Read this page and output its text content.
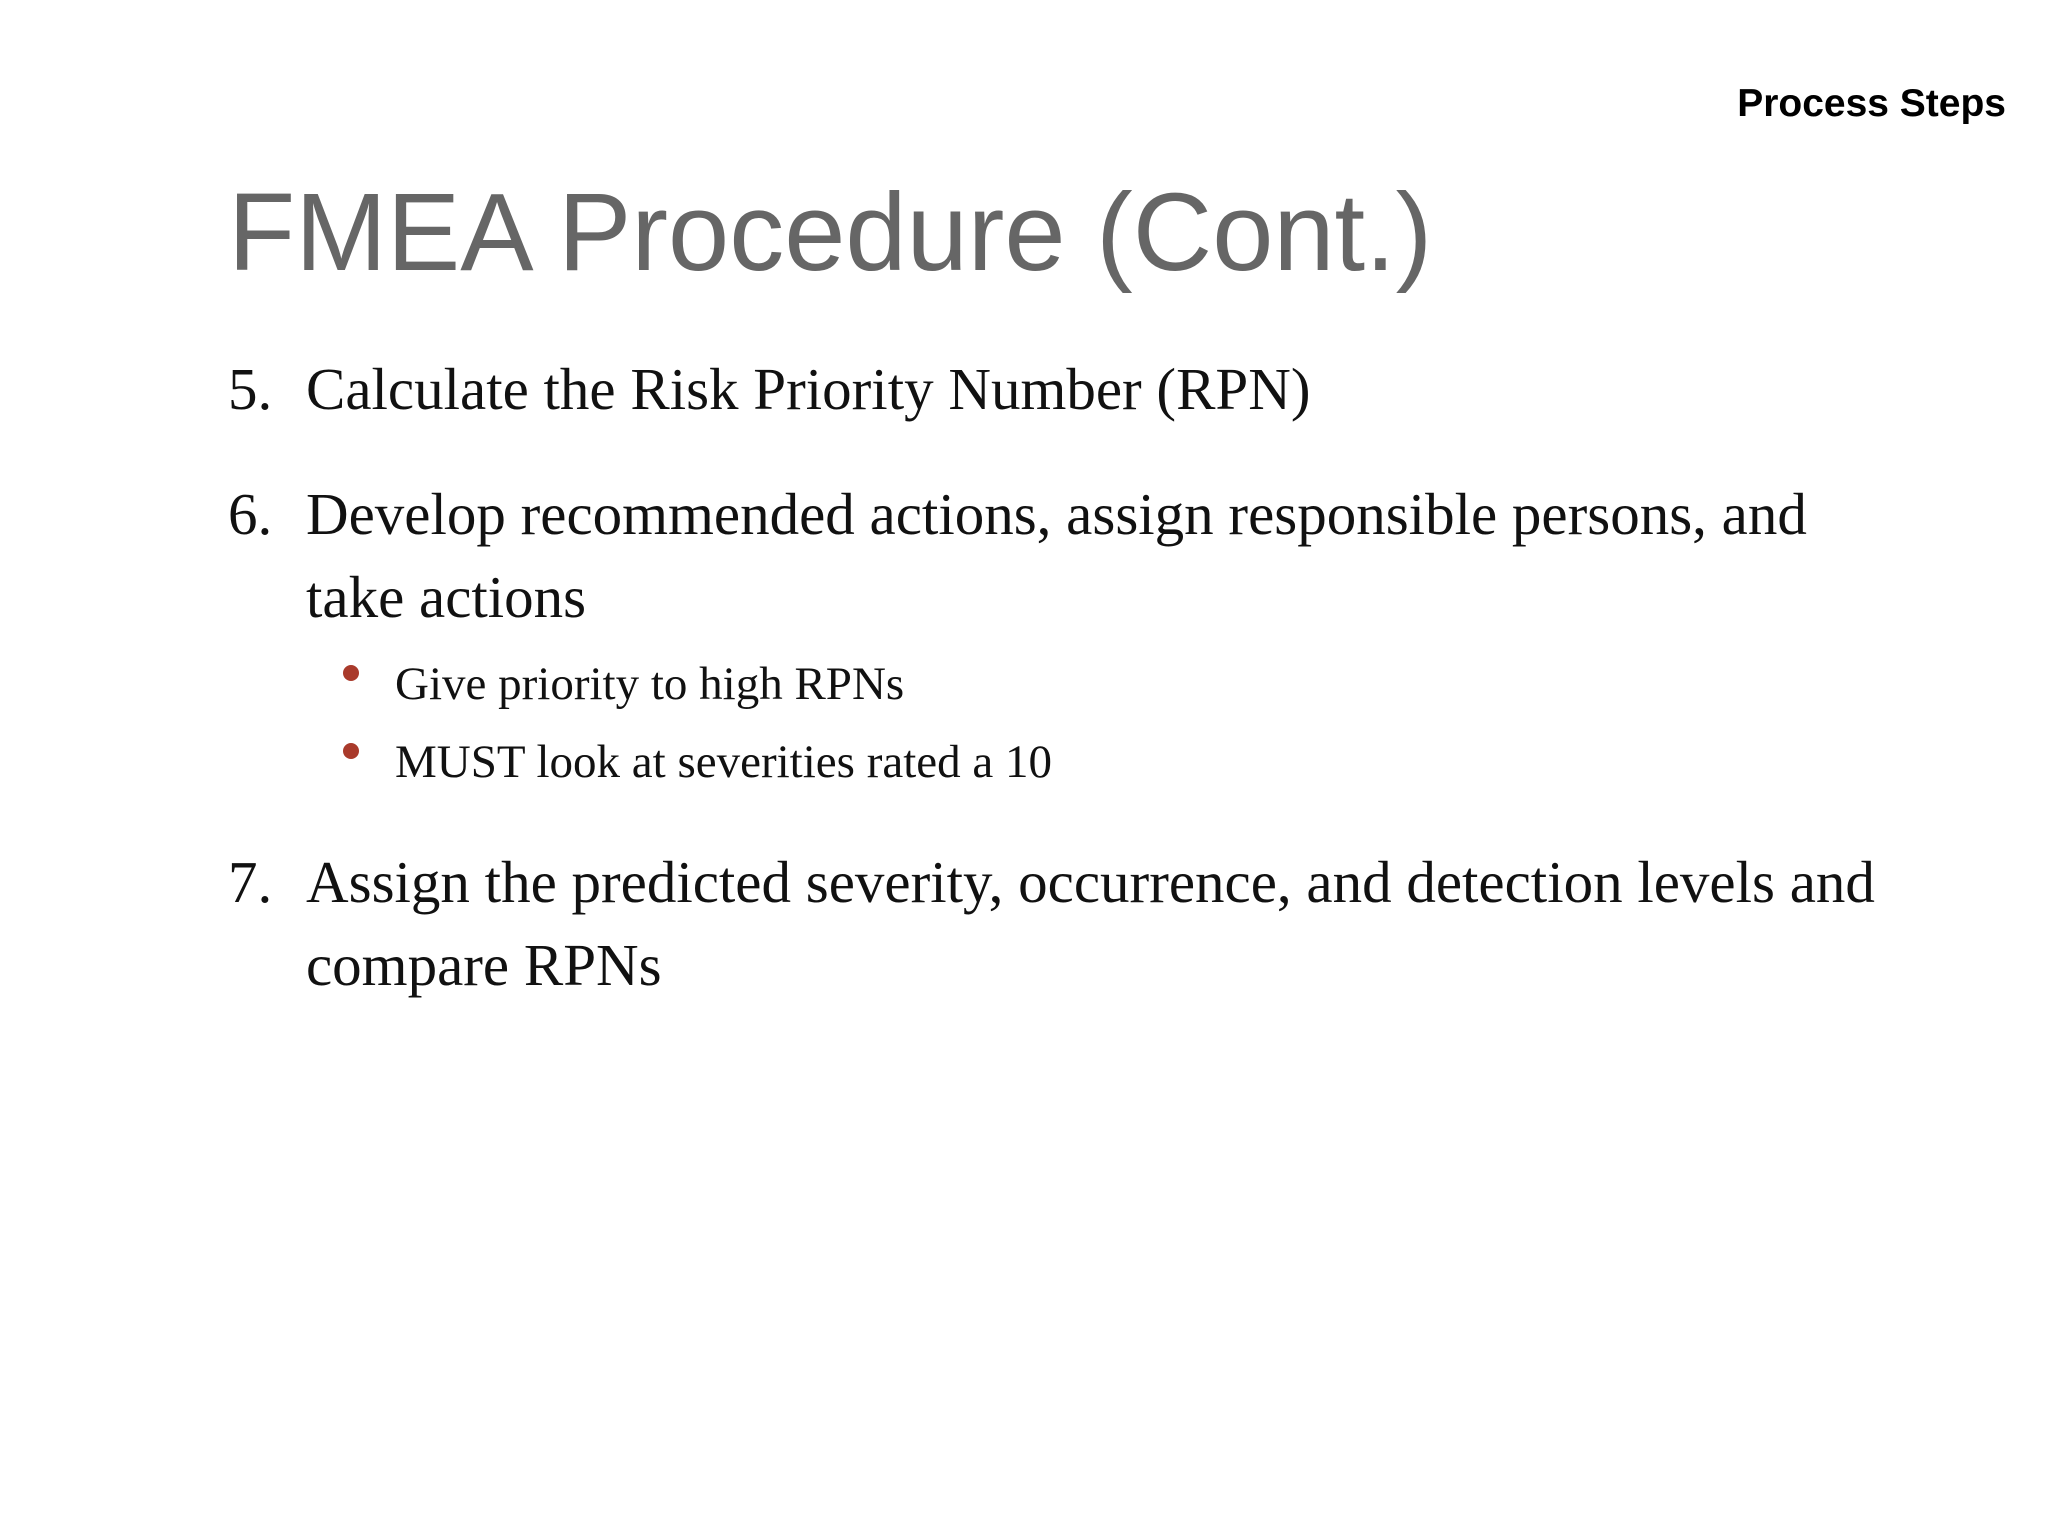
Process Steps
FMEA Procedure (Cont.)
5. Calculate the Risk Priority Number (RPN)
6. Develop recommended actions, assign responsible persons, and take actions
Give priority to high RPNs
MUST look at severities rated a 10
7. Assign the predicted severity, occurrence, and detection levels and compare RPNs
